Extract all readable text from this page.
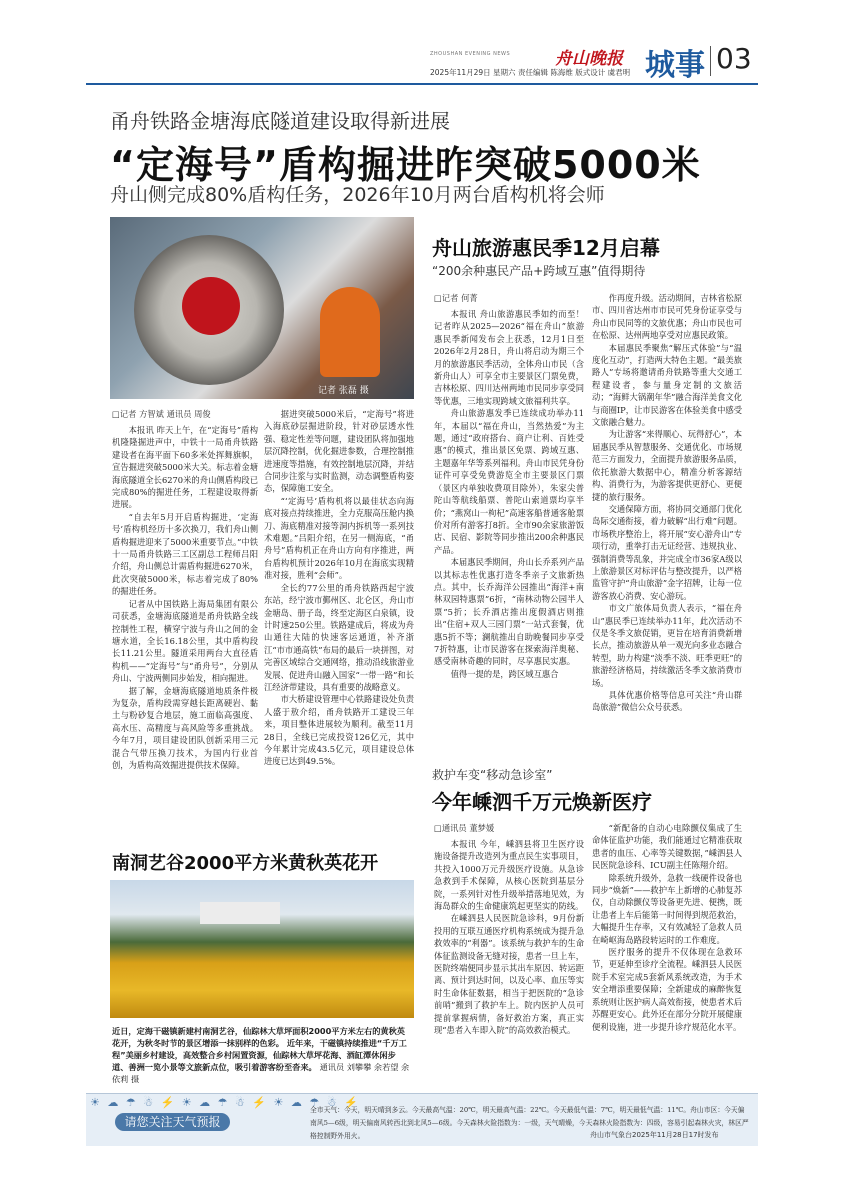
ZHOUSHAN EVENING NEWS	舟山晚报 城事 03
2025年11月29日 星期六 责任编辑 陈海维 版式设计 虞君明
甬舟铁路金塘海底隧道建设取得新进展
“定海号”盾构掘进昨突破5000米
舟山侧完成80%盾构任务，2026年10月两台盾构机将会师
记者 张磊 摄
□记者 方智斌 通讯员 周俊

本报讯 昨天上午，在“定海号”盾构机隆隆掘进声中，中铁十一局甬舟铁路建设者在海平面下60多米处挥舞旗帜，宣告掘进突破5000米大关。标志着金塘海底隧道全长6270米的舟山侧盾构段已完成80%的掘进任务，工程建设取得新进展。

“自去年5月开启盾构掘进，‘定海号’盾构机经历十多次换刀，我们舟山侧盾构掘进迎来了5000米重要节点。”中铁十一局甬舟铁路三工区副总工程师吕阳介绍，舟山侧总计需盾构掘进6270米，此次突破5000米，标志着完成了80%的掘进任务。

记者从中国铁路上海局集团有限公司获悉，金塘海底隧道是甬舟铁路全线控制性工程，横穿宁波与舟山之间的金塘水道，全长16.18公里，其中盾构段长11.21公里。隧道采用两台大直径盾构机——“定海号”与“甬舟号”，分别从舟山、宁波两侧同步始发，相向掘进。

据了解，金塘海底隧道地质条件极为复杂，盾构段需穿越长距离硬岩、黏土与粉砂复合地层，施工面临高强度、高水压、高精度与高风险等多重挑战。今年7月，项目建设团队创新采用三元混合气带压换刀技术，为国内行业首创，为盾构高效掘进提供技术保障。

据进突破5000米后，“定海号”将进入海底砂层掘进阶段，针对砂层透水性强、稳定性差等问题，建设团队将加强地层沉降控制，优化掘进参数，合理控制推进速度等措施，有效控制地层沉降，并结合同步注浆与实时监测，动态调整盾构姿态，保障施工安全。

“‘定海号’盾构机将以最佳状态向海底对接点持续推进，全力克服高压舱内换刀、海底精准对接等洞内拆机等一系列技术难题。”吕阳介绍，在另一侧海底，“甬舟号”盾构机正在舟山方向有序推进，两台盾构机预计2026年10月在海底实现精准对接，胜利“会师”。

全长约77公里的甬舟铁路西起宁波东站，经宁波市鄞州区、北仑区，舟山市金塘岛、册子岛，终至定海区白泉镇，设计时速250公里。铁路建成后，将成为舟山通往大陆的快速客运通道，补齐浙江“市市通高铁”布局的最后一块拼图，对完善区域综合交通网络，推动沿线旅游业发展、促进舟山融入国家“一带一路”和长江经济带建设，具有重要的战略意义。

市大桥建设管理中心铁路建设处负责人盛于敖介绍，甬舟铁路开工建设三年来，项目整体进展较为顺利。截至11月28日，全线已完成投资126亿元，其中今年累计完成43.5亿元，项目建设总体进度已达到49.5%。

舟山旅游惠民季12月启幕
“200余种惠民产品+跨域互惠”值得期待
□记者 何菁

本报讯 舟山旅游惠民季如约而至！记者昨从2025—2026“福在舟山”旅游惠民季新闻发布会上获悉，12月1日至2026年2月28日，舟山将启动为期三个月的旅游惠民季活动，全体舟山市民（含新舟山人）可享全市主要景区门票免费，吉林松原、四川达州两地市民同步享受同等优惠，三地实现跨域文旅福利共享。

舟山旅游惠发季已连续成功举办11年，本届以“福在舟山，当然热爱”为主题，通过“政府搭台、商户让利、百姓受惠”的模式，推出景区免票、跨域互惠、主题嘉年华等系列福利。舟山市民凭身份证件可享受免费游览全市主要景区门票（景区内单独收费项目除外），朱家尖普陀山等航线船票、普陀山索道票均享半价；“燕窝山一枸杞”高速客船普通客舱票价对所有游客打8折。全市90余家旅游饭店、民宿、影院等同步推出200余种惠民产品。

本届惠民季期间，舟山长乔系列产品以其标志性优惠打造冬季亲子文旅新热点。其中，长乔海洋公园推出“海洋+南林双园特惠票”6折，“南林动物公园半人票”5折；长乔酒店推出度假酒店则推出“住宿+双人三园门票”一站式套餐，优惠5折不等；澜航推出自助晚餐同步享受7折特惠，让市民游客在探索海洋奥秘、感受南林奇趣的同时，尽享惠民实惠。

值得一提的是，跨区域互惠合

作再度升级。活动期间，吉林省松原市、四川省达州市市民可凭身份证享受与舟山市民同等的文旅优惠；舟山市民也可在松原、达州两地享受对应惠民政策。

本届惠民季聚焦“解压式体验”与“温度化互动”，打造两大特色主题。“最美旅路人”专场将邀请甬舟铁路等重大交通工程建设者，参与量身定制的文旅活动；“海鲜大锅潮年华”融合海洋美食文化与商圈IP，让市民游客在体验美食中感受文旅融合魅力。

为让游客“来得顺心、玩得舒心”，本届惠民季从智慧服务、交通优化、市场规范三方面发力，全面提升旅游服务品质，依托旅游大数据中心，精准分析客源结构、消费行为，为游客提供更舒心、更便捷的旅行服务。

交通保障方面，将协同交通部门优化岛际交通衔接，着力破解“出行难”问题。市场秩序整治上，将开展“安心游舟山”专项行动，重拳打击无证经营、违规执业、强制消费等乱象，并完成全市36家A级以上旅游景区对标评估与整改提升，以严格监管守护“舟山旅游”金字招牌，让每一位游客放心消费、安心游玩。

市文广旅体局负责人表示，“福在舟山”惠民季已连续举办11年，此次活动不仅是冬季文旅促销，更旨在培育消费新增长点，推动旅游从单一观光向多业态融合转型，助力构建“淡季不淡、旺季更旺”的旅游经济格局，持续激活冬季文旅消费市场。

具体优惠价格等信息可关注“舟山群岛旅游”微信公众号获悉。

救护车变“移动急诊室”
今年嵊泗千万元焕新医疗
□通讯员 董梦媛

本报讯 今年，嵊泗县将卫生医疗设施设备提升改造列为重点民生实事项目，共投入1000万元升级医疗设施。从急诊急救到手术保障，从核心医院到基层分院，一系列针对性升级举措落地见效，为海岛群众的生命健康筑起更坚实的防线。

在嵊泗县人民医院急诊科，9月份新投用的互联互通医疗机构系统成为提升急救效率的“利器”。该系统与救护车的生命体征监测设备无缝对接，患者一旦上车，医院终端便同步显示其出车原因、转运距离、预计到达时间，以及心率、血压等实时生命体征数据，相当于把医院的“急诊前哨”搬到了救护车上。院内医护人员可提前掌握病情，备好救治方案，真正实现“患者入车即入院”的高效救治模式。

“新配备的自动心电除颤仪集成了生命体征监护功能，我们能通过它精准获取患者的血压、心率等关键数据，”嵊泗县人民医院急诊科、ICU副主任陈翔介绍。

除系统升级外，急救一线硬件设备也同步“焕新”——救护车上新增的心肺复苏仪，自动除颤仪等设备更先进、便携，既让患者上车后能第一时间得到规范救治，大幅提升生存率，又有效减轻了急救人员在崎岖海岛路段转运时的工作难度。

医疗服务的提升不仅体现在急救环节，更延伸至诊疗全流程。嵊泗县人民医院手术室完成5套新风系统改造，为手术安全增添重要保障；全新建成的麻醉恢复系统则让医护病人高效衔接，使患者术后苏醒更安心。此外还在部分分院开展健康便利设施，进一步提升诊疗规范化水平。

南洞艺谷2000平方米黄秋英花开
近日，定海干磁镇新建村南洞艺谷，仙踪林大草坪面积2000平方米左右的黄秋英花开，为秋冬时节的景区增添一抹别样的色彩。 近年来，干磁镇持续推进“千万工程”美丽乡村建设，高效整合乡村闲置资源，仙踪林大草坪花海、酒缸潭休闲步道、善洲一览小景等文旅新点位，吸引着游客纷至沓来。 通讯员 刘攀攀 余若望 余依莉 摄
☀ ☁ ☂ ☃ ⚡ ☀ ☁ ☂ ☃ ⚡ ☀ ☁ ☂ ☃ ⚡
请您关注天气预报
全市天气：今天，明天晴到多云。今天最高气温：20℃，明天最高气温：22℃。今天最低气温：7℃，明天最低气温：11℃。舟山市区：今天偏南风5—6级，明天偏南风转西北到北风5—6级。今天森林火险指数为：一级，天气晴燥，今天森林火险指数为：四级，容易引起森林火灾，林区严格控制野外用火。	舟山市气象台2025年11月28日17时发布
